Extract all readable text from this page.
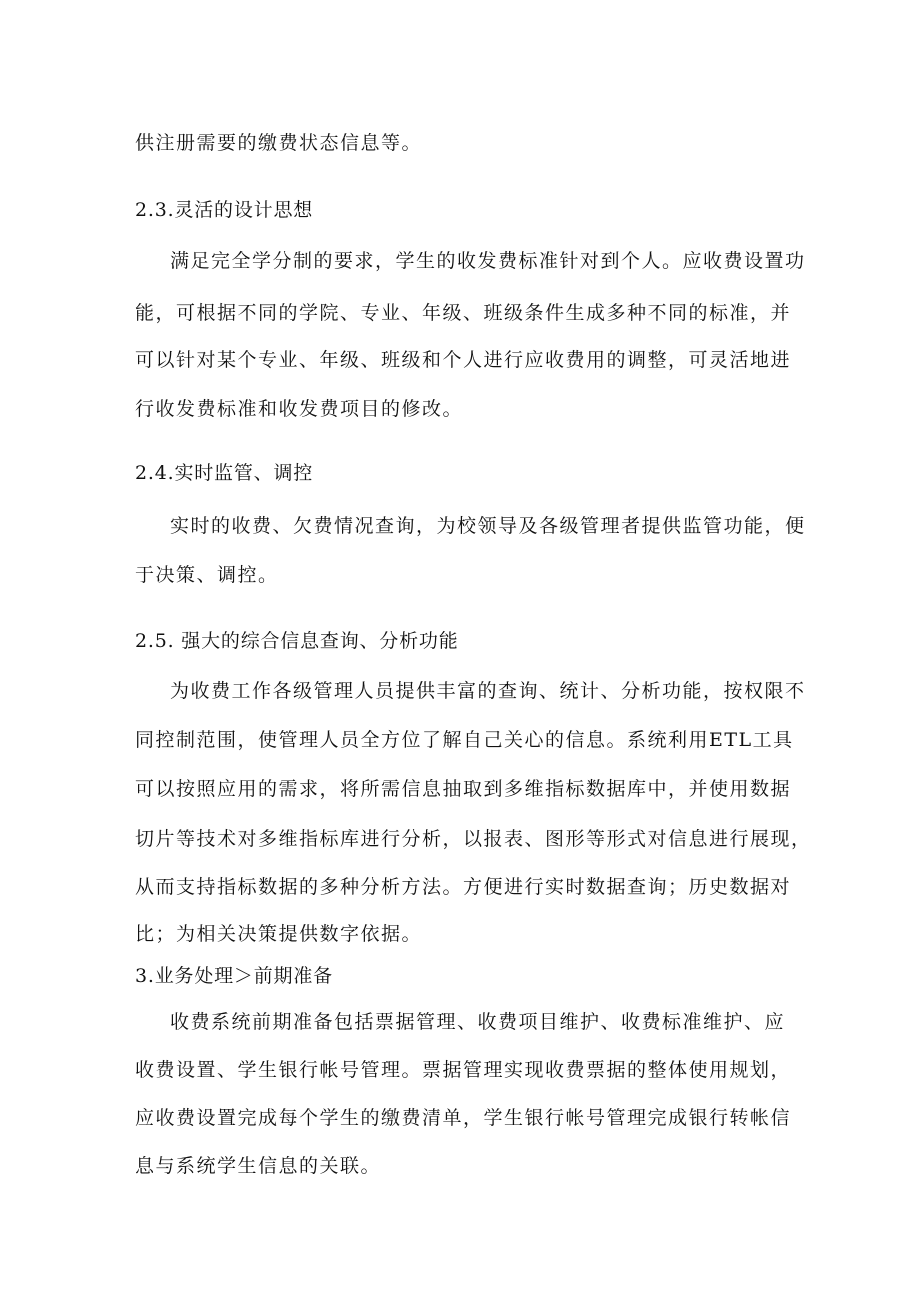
供注册需要的缴费状态信息等。
2.3.灵活的设计思想
满足完全学分制的要求，学生的收发费标准针对到个人。应收费设置功
能，可根据不同的学院、专业、年级、班级条件生成多种不同的标准，并
可以针对某个专业、年级、班级和个人进行应收费用的调整，可灵活地进
行收发费标准和收发费项目的修改。
2.4.实时监管、调控
实时的收费、欠费情况查询，为校领导及各级管理者提供监管功能，便
于决策、调控。
2.5. 强大的综合信息查询、分析功能
为收费工作各级管理人员提供丰富的查询、统计、分析功能，按权限不
同控制范围，使管理人员全方位了解自己关心的信息。系统利用ETL工具
可以按照应用的需求，将所需信息抽取到多维指标数据库中，并使用数据
切片等技术对多维指标库进行分析，以报表、图形等形式对信息进行展现，
从而支持指标数据的多种分析方法。方便进行实时数据查询；历史数据对
比；为相关决策提供数字依据。
3.业务处理＞前期准备
收费系统前期准备包括票据管理、收费项目维护、收费标准维护、应
收费设置、学生银行帐号管理。票据管理实现收费票据的整体使用规划，
应收费设置完成每个学生的缴费清单，学生银行帐号管理完成银行转帐信
息与系统学生信息的关联。
